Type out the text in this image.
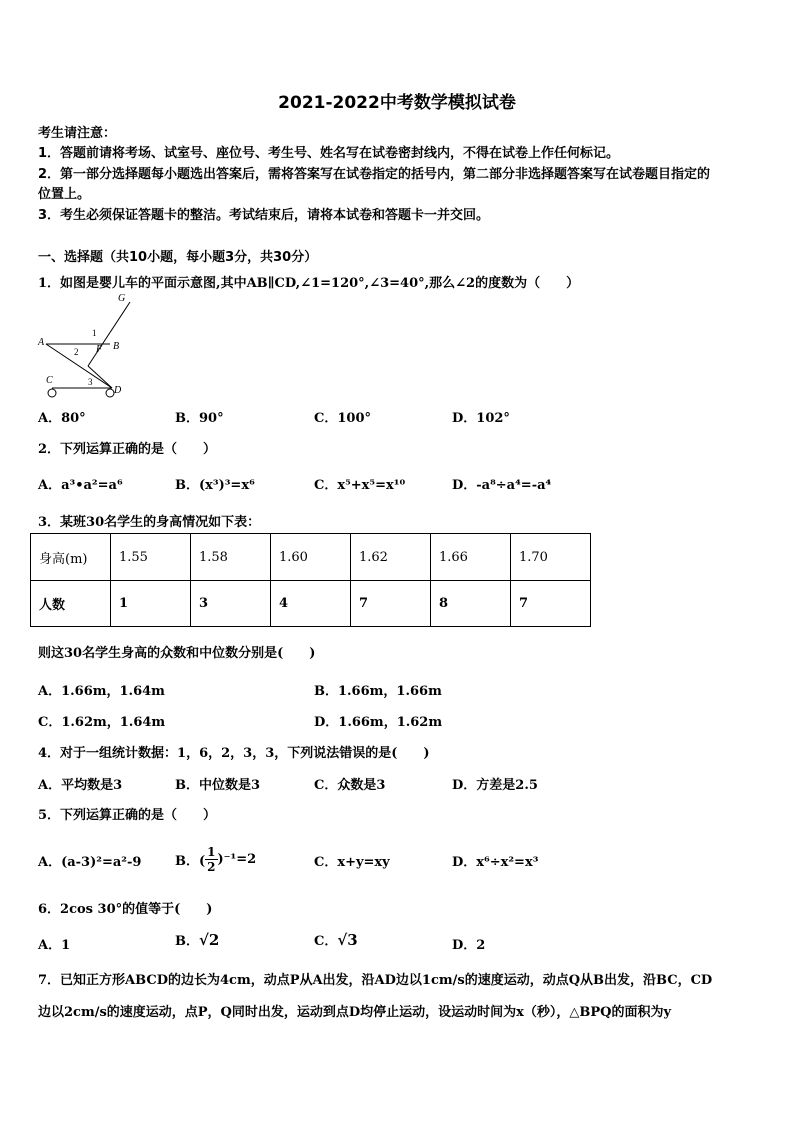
2021-2022中考数学模拟试卷
考生请注意：
1．答题前请将考场、试室号、座位号、考生号、姓名写在试卷密封线内，不得在试卷上作任何标记。
2．第一部分选择题每小题选出答案后，需将答案写在试卷指定的括号内，第二部分非选择题答案写在试卷题目指定的
位置上。
3．考生必须保证答题卡的整洁。考试结束后，请将本试卷和答题卡一并交回。
一、选择题（共10小题，每小题3分，共30分）
1．如图是婴儿车的平面示意图,其中AB∥CD,∠1=120°,∠3=40°,那么∠2的度数为（　　）
G
A	B
F
C
D
1
2
3
A．80°	B．90°	C．100°	D．102°
2．下列运算正确的是（　　）
A．a³•a²=a⁶	B．(x³)³=x⁶	C．x⁵+x⁵=x¹⁰	D．-a⁸÷a⁴=-a⁴
3．某班30名学生的身高情况如下表：
身高(m)	1.55	1.58	1.60	1.62	1.66	1.70
人数	1	3	4	7	8	7
则这30名学生身高的众数和中位数分别是(　　)
A．1.66m，1.64m	B．1.66m，1.66m
C．1.62m，1.64m	D．1.66m，1.62m
4．对于一组统计数据：1，6，2，3，3，下列说法错误的是(　　)
A．平均数是3	B．中位数是3	C．众数是3	D．方差是2.5
5．下列运算正确的是（　　）
A．(a-3)²=a²-9	B．( $\frac{1}{2} )^{-1}=2$	C．x+y=xy	D．x⁶÷x²=x³
6．2cos 30°的值等于(　　)
A．1	B．√2	C．√3	D．2
7．已知正方形ABCD的边长为4cm，动点P从A出发，沿AD边以1cm/s的速度运动，动点Q从B出发，沿BC，CD
边以2cm/s的速度运动，点P，Q同时出发，运动到点D均停止运动，设运动时间为x（秒），△BPQ的面积为y
